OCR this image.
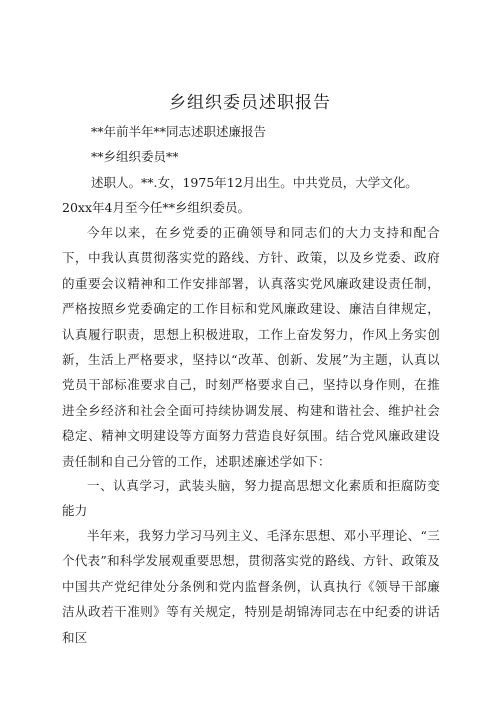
乡组织委员述职报告
**年前半年**同志述职述廉报告
**乡组织委员**
述职人。**.女，1975年12月出生。中共党员，大学文化。
20xx年4月至今任**乡组织委员。
今年以来，在乡党委的正确领导和同志们的大力支持和配合下，中我认真贯彻落实党的路线、方针、政策，以及乡党委、政府的重要会议精神和工作安排部署，认真落实党风廉政建设责任制，严格按照乡党委确定的工作目标和党风廉政建设、廉洁自律规定，认真履行职责，思想上积极进取，工作上奋发努力，作风上务实创新，生活上严格要求，坚持以“改革、创新、发展”为主题，认真以党员干部标准要求自己，时刻严格要求自己，坚持以身作则，在推进全乡经济和社会全面可持续协调发展、构建和谐社会、维护社会稳定、精神文明建设等方面努力营造良好氛围。结合党风廉政建设责任制和自己分管的工作，述职述廉述学如下：
一、认真学习，武装头脑，努力提高思想文化素质和拒腐防变能力
半年来，我努力学习马列主义、毛泽东思想、邓小平理论、“三个代表”和科学发展观重要思想，贯彻落实党的路线、方针、政策及中国共产党纪律处分条例和党内监督条例，认真执行《领导干部廉洁从政若干准则》等有关规定，特别是胡锦涛同志在中纪委的讲话和区
